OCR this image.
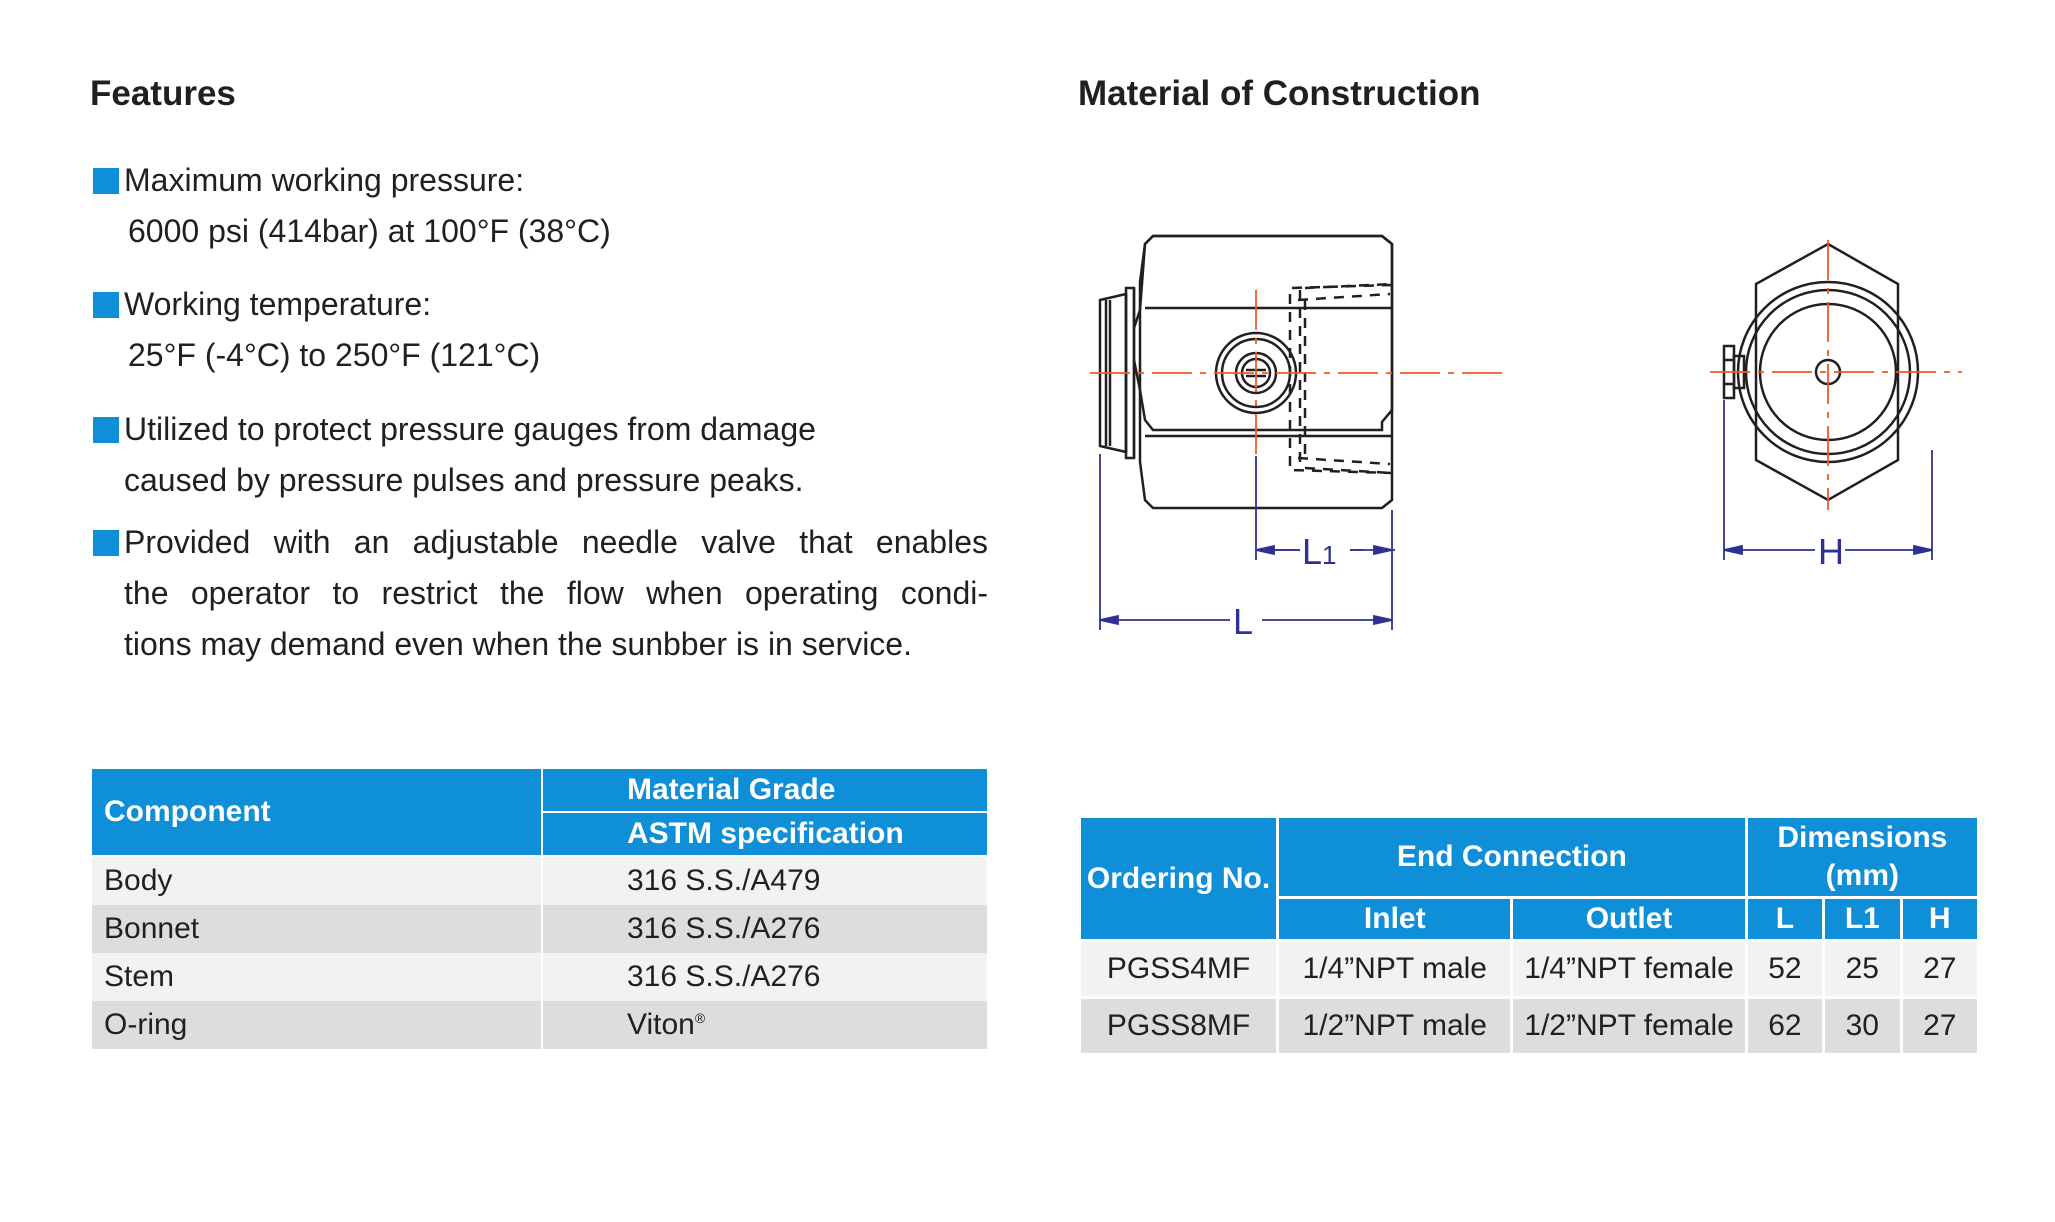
Features

Maximum working pressure:

6000 psi (414bar) at 100°F (38°C)

Working temperature:

25°F (-4°C) to 250°F (121°C)

Utilized to protect pressure gauges from damage

caused by pressure pulses and pressure peaks.

Provided with an adjustable needle valve that enables

the operator to restrict the flow when operating condi-

tions may demand even when the sunbber is in service.

Material of Construction
L1
L
H
Component	Material Grade
	ASTM specification
Body	316 S.S./A479
Bonnet	316 S.S./A276
Stem	316 S.S./A276
O-ring	Viton®
Ordering No.	End Connection		Dimensions
(mm)		
	Inlet	Outlet	L	L1	H
PGSS4MF	1/4”NPT male	1/4”NPT female	52	25	27
PGSS8MF	1/2”NPT male	1/2”NPT female	62	30	27
